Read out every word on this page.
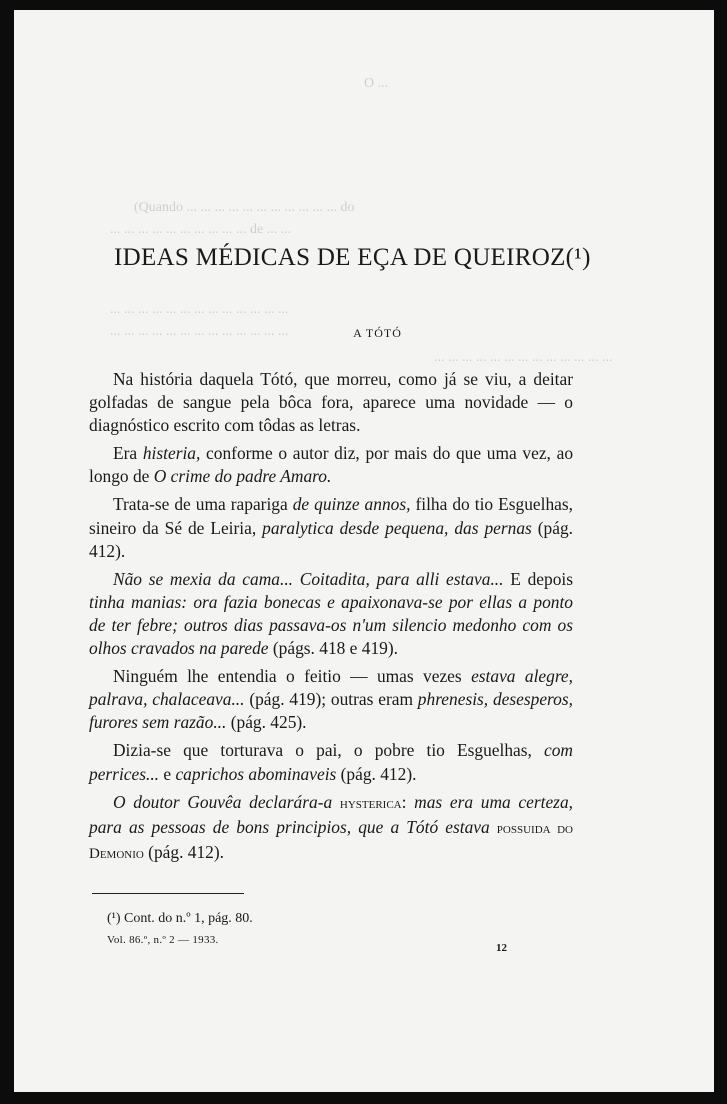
O ...
(Quando ... ... ... ... ... ... ... ... ... ... ... do
... ... ... ... ... ... ... ... ... ... de ... ...
... ... ... ... ... ... ... ... ... ... ... ... ...
... ... ... ... ... ... ... ... ... ... ... ... ...
... ... ... ... ... ... ... ... ... ... ... ... ...
IDEAS MÉDICAS DE EÇA DE QUEIROZ(¹)
A TÓTÓ

Na história daquela Tótó, que morreu, como já se viu, a deitar golfadas de sangue pela bôca fora, aparece uma novidade — o diagnóstico escrito com tôdas as letras.

Era histeria, conforme o autor diz, por mais do que uma vez, ao longo de O crime do padre Amaro.

Trata-se de uma rapariga de quinze annos, filha do tio Esguelhas, sineiro da Sé de Leiria, paralytica desde pequena, das pernas (pág. 412).

Não se mexia da cama... Coitadita, para alli estava... E depois tinha manias: ora fazia bonecas e apaixonava-se por ellas a ponto de ter febre; outros dias passava-os n'um silencio medonho com os olhos cravados na parede (págs. 418 e 419).

Ninguém lhe entendia o feitio — umas vezes estava alegre, palrava, chalaceava... (pág. 419); outras eram phrenesis, desesperos, furores sem razão... (pág. 425).

Dizia-se que torturava o pai, o pobre tio Esguelhas, com perrices... e caprichos abominaveis (pág. 412).

O doutor Gouvêa declarára-a hysterica: mas era uma certeza, para as pessoas de bons principios, que a Tótó estava possuida do Demonio (pág. 412).

(¹) Cont. do n.º 1, pág. 80.
Vol. 86.º, n.º 2 — 1933.
12
